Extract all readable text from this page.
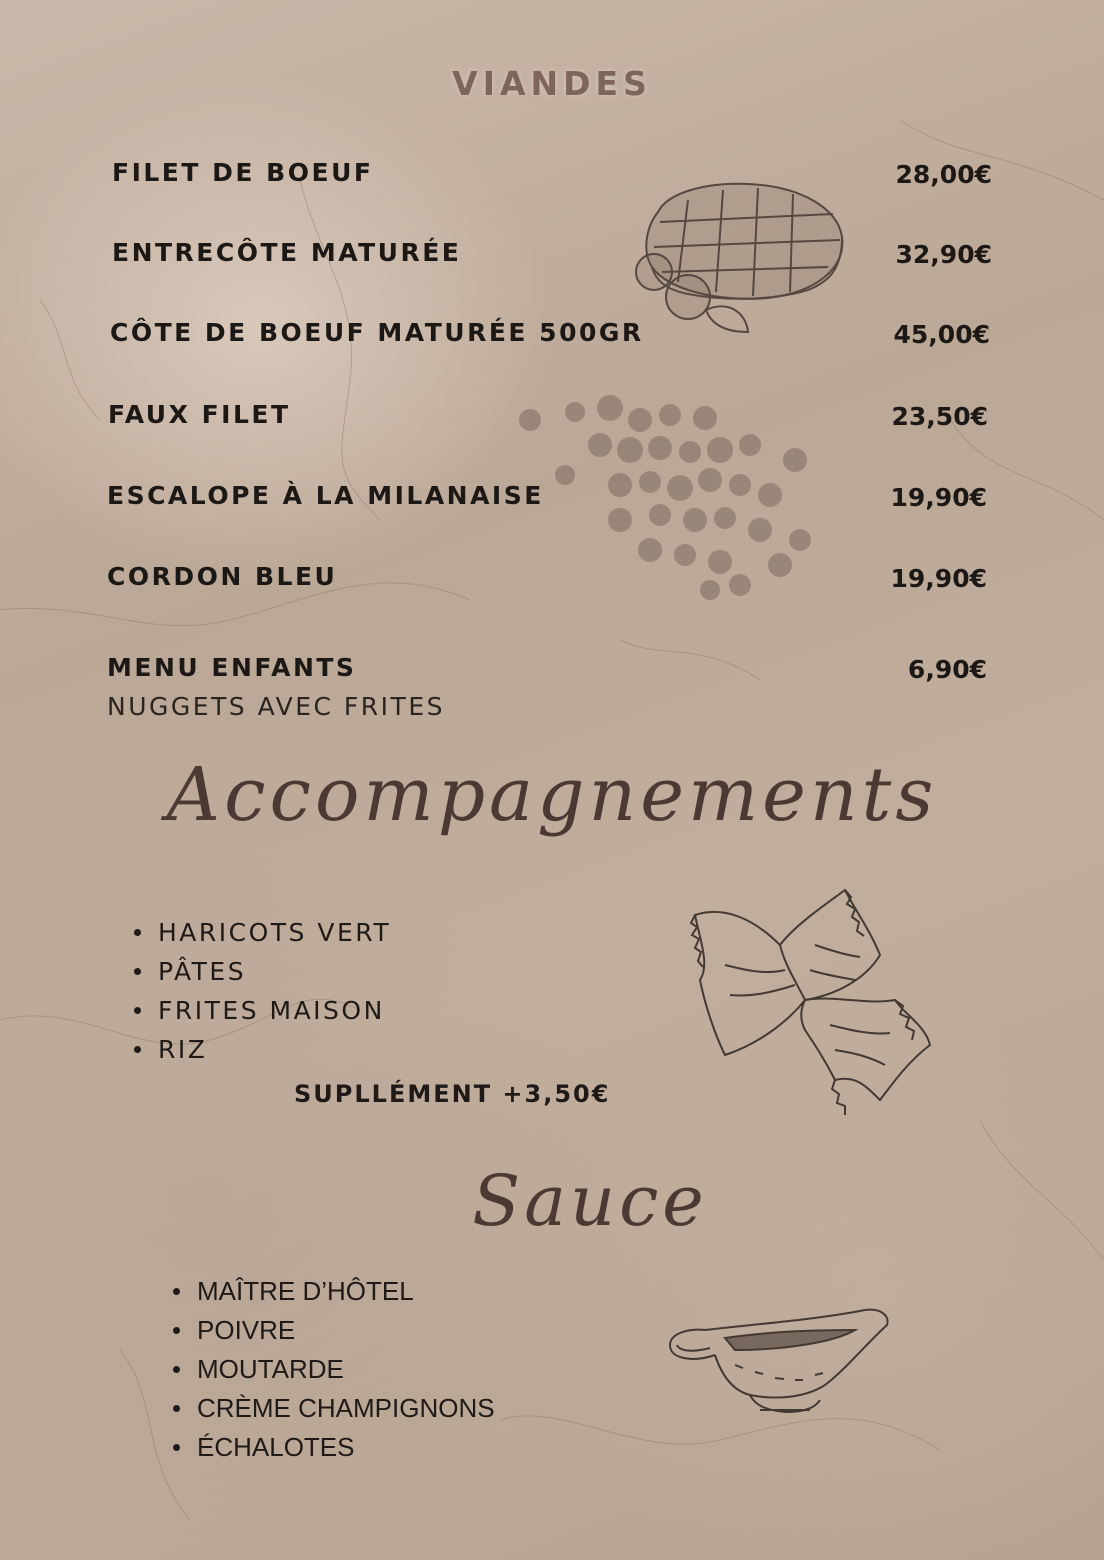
VIANDES
FILET DE BOEUF	28,00€
ENTRECÔTE MATURÉE	32,90€
CÔTE DE BOEUF MATURÉE 500GR	45,00€
FAUX FILET	23,50€
ESCALOPE À LA MILANAISE	19,90€
CORDON BLEU	19,90€
MENU ENFANTS	6,90€
NUGGETS AVEC FRITES
Accompagnements
HARICOTS VERT
PÂTES
FRITES MAISON
RIZ
SUPLLÉMENT +3,50€
Sauce
MAÎTRE D’HÔTEL
POIVRE
MOUTARDE
CRÈME CHAMPIGNONS
ÉCHALOTES
